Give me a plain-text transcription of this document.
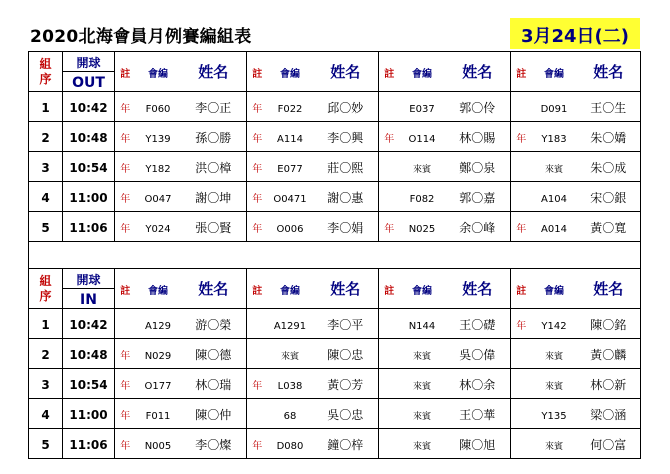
2020北海會員月例賽編組表	3月24日(二)
組
序	開球	註	會編	姓名	註	會編	姓名	註	會編	姓名	註	會編	姓名
	OUT												
1	10:42	年	F060	李〇正	年	F022	邱〇妙		E037	郭〇伶		D091	王〇生
2	10:48	年	Y139	孫〇勝	年	A114	李〇興	年	O114	林〇賜	年	Y183	朱〇嬌
3	10:54	年	Y182	洪〇樟	年	E077	莊〇熙		來賓	鄭〇泉		來賓	朱〇成
4	11:00	年	O047	謝〇坤	年	O0471	謝〇惠		F082	郭〇嘉		A104	宋〇銀
5	11:06	年	Y024	張〇賢	年	O006	李〇娟	年	N025	余〇峰	年	A014	黃〇寬

組
序	開球	註	會編	姓名	註	會編	姓名	註	會編	姓名	註	會編	姓名
	IN												
1	10:42		A129	游〇榮		A1291	李〇平		N144	王〇礎	年	Y142	陳〇銘
2	10:48	年	N029	陳〇德		來賓	陳〇忠		來賓	吳〇偉		來賓	黃〇麟
3	10:54	年	O177	林〇瑞	年	L038	黃〇芳		來賓	林〇余		來賓	林〇新
4	11:00	年	F011	陳〇仲		68	吳〇忠		來賓	王〇華		Y135	梁〇涵
5	11:06	年	N005	李〇燦	年	D080	鐘〇梓		來賓	陳〇旭		來賓	何〇富
